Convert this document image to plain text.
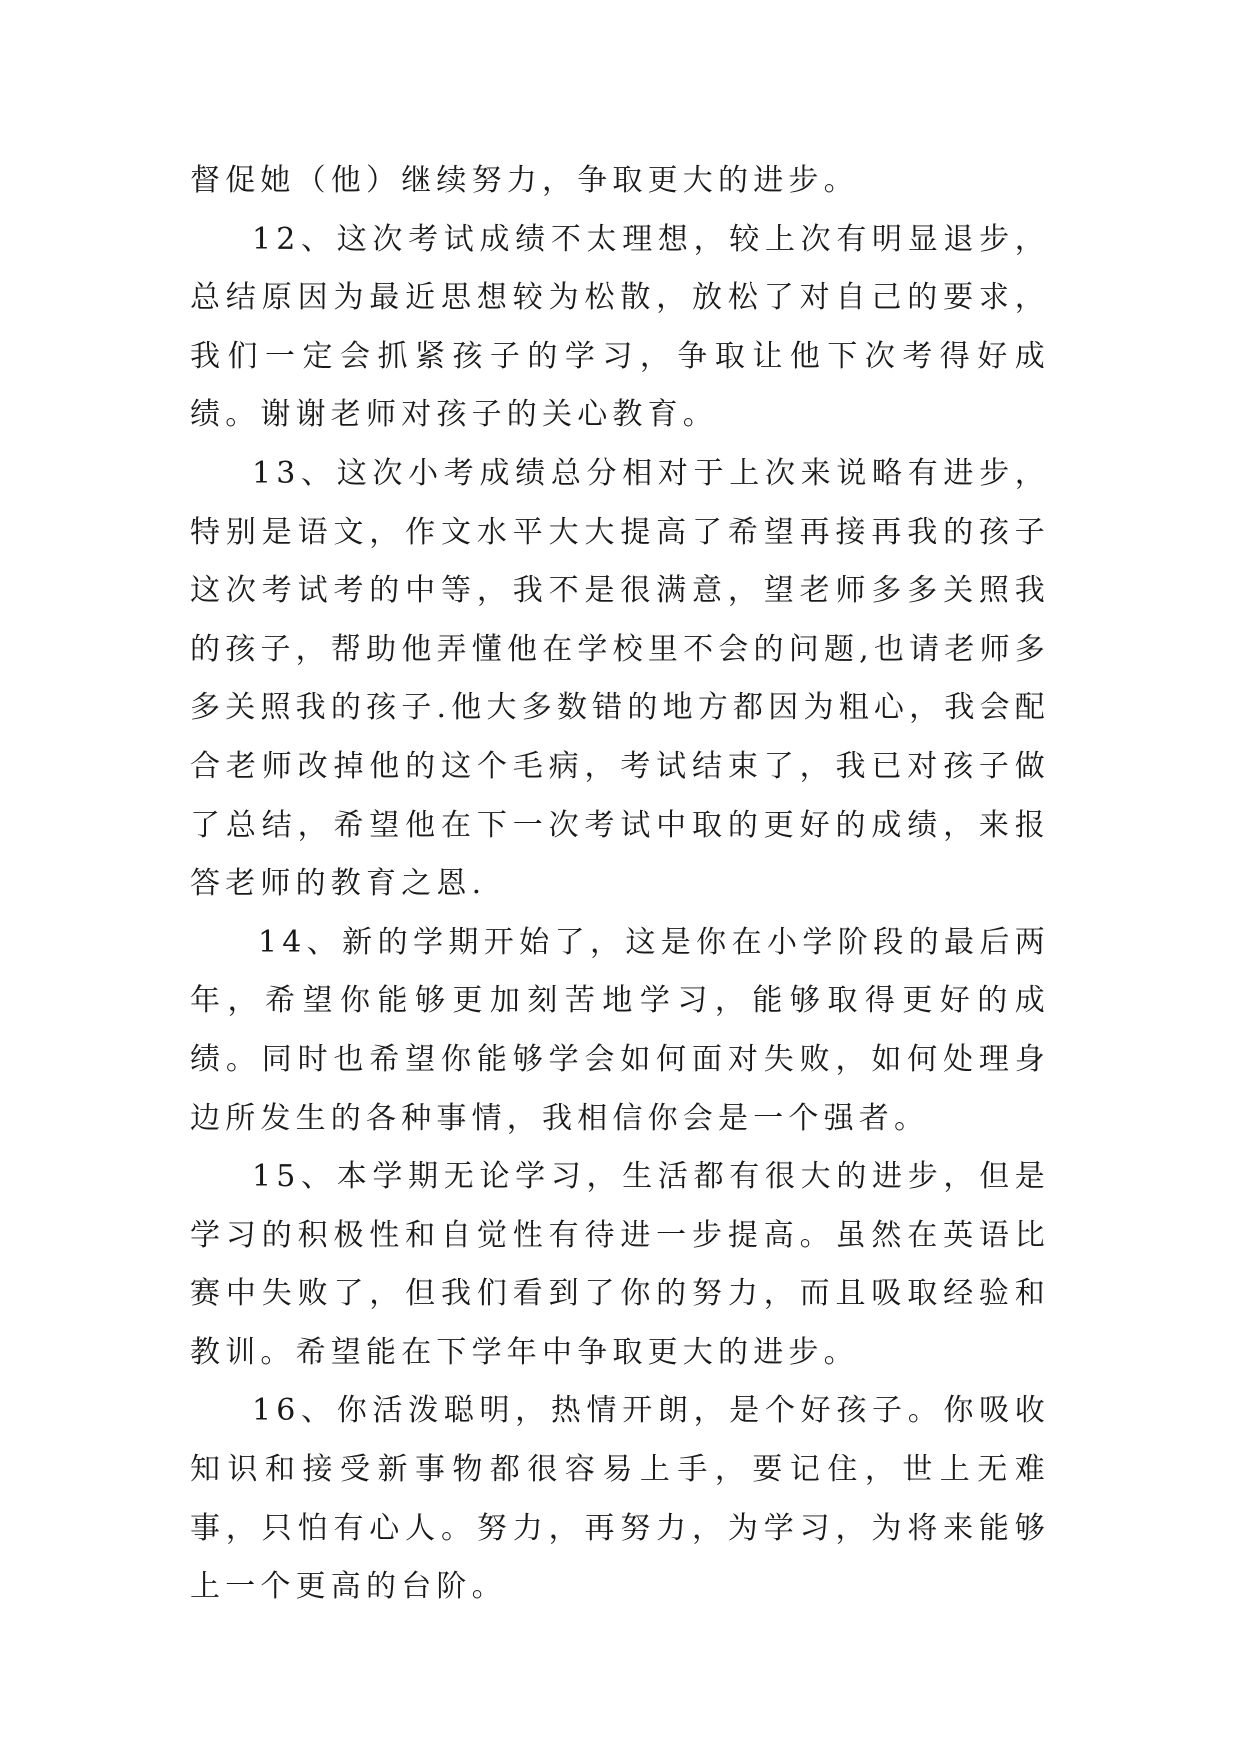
督促她（他）继续努力，争取更大的进步。

12、这次考试成绩不太理想，较上次有明显退步，总结原因为最近思想较为松散，放松了对自己的要求，我们一定会抓紧孩子的学习，争取让他下次考得好成绩。谢谢老师对孩子的关心教育。

13、这次小考成绩总分相对于上次来说略有进步，特别是语文，作文水平大大提高了希望再接再我的孩子这次考试考的中等，我不是很满意，望老师多多关照我的孩子，帮助他弄懂他在学校里不会的问题,也请老师多多关照我的孩子.他大多数错的地方都因为粗心，我会配合老师改掉他的这个毛病，考试结束了，我已对孩子做了总结，希望他在下一次考试中取的更好的成绩，来报答老师的教育之恩.

14、新的学期开始了，这是你在小学阶段的最后两年，希望你能够更加刻苦地学习，能够取得更好的成绩。同时也希望你能够学会如何面对失败，如何处理身边所发生的各种事情，我相信你会是一个强者。

15、本学期无论学习，生活都有很大的进步，但是学习的积极性和自觉性有待进一步提高。虽然在英语比赛中失败了，但我们看到了你的努力，而且吸取经验和教训。希望能在下学年中争取更大的进步。

16、你活泼聪明，热情开朗，是个好孩子。你吸收知识和接受新事物都很容易上手，要记住，世上无难事，只怕有心人。努力，再努力，为学习，为将来能够上一个更高的台阶。
